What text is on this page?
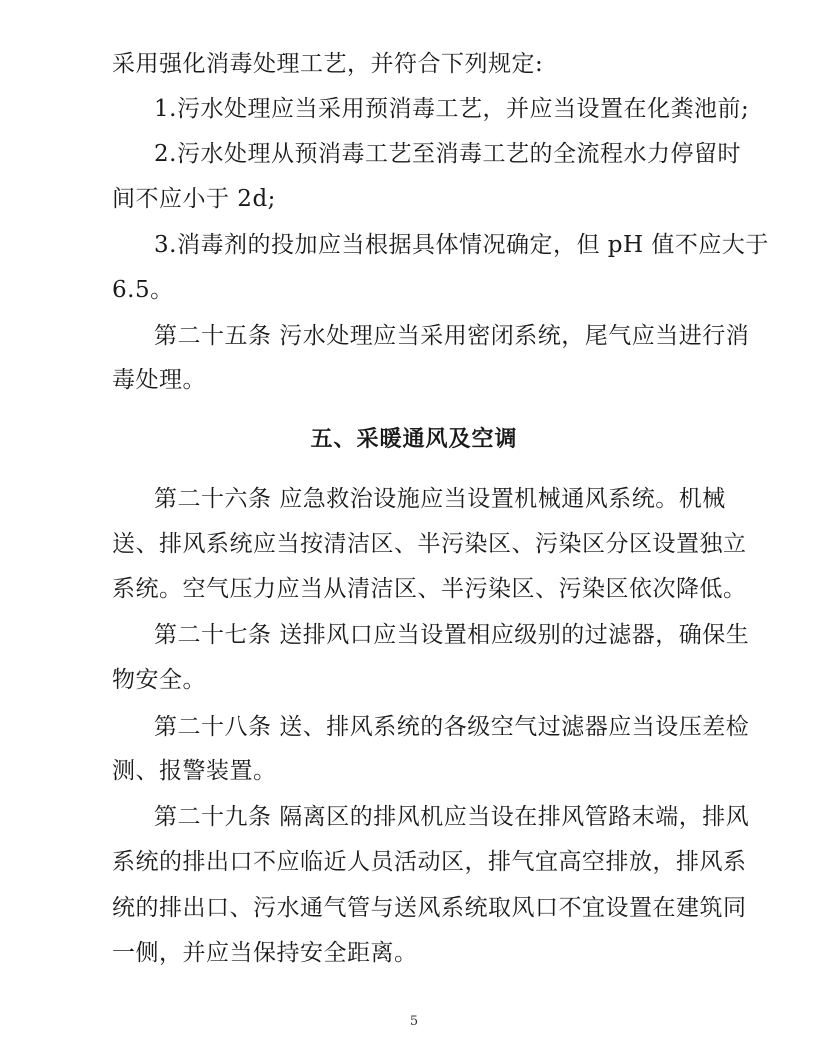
采用强化消毒处理工艺，并符合下列规定:
1.污水处理应当采用预消毒工艺，并应当设置在化粪池前;
2.污水处理从预消毒工艺至消毒工艺的全流程水力停留时
间不应小于 2d;
3.消毒剂的投加应当根据具体情况确定，但 pH 值不应大于
6.5。
第二十五条 污水处理应当采用密闭系统，尾气应当进行消
毒处理。
五、采暖通风及空调
第二十六条 应急救治设施应当设置机械通风系统。机械
送、排风系统应当按清洁区、半污染区、污染区分区设置独立
系统。空气压力应当从清洁区、半污染区、污染区依次降低。
第二十七条 送排风口应当设置相应级别的过滤器，确保生
物安全。
第二十八条 送、排风系统的各级空气过滤器应当设压差检
测、报警装置。
第二十九条 隔离区的排风机应当设在排风管路末端，排风
系统的排出口不应临近人员活动区，排气宜高空排放，排风系
统的排出口、污水通气管与送风系统取风口不宜设置在建筑同
一侧，并应当保持安全距离。
5
